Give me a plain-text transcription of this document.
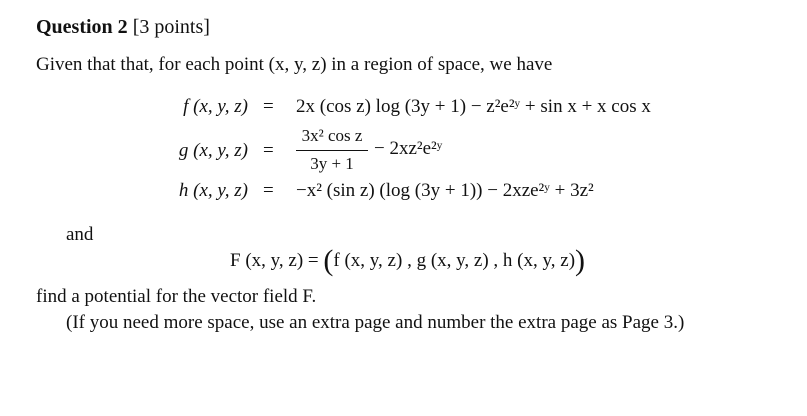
Question 2 [3 points]
Given that that, for each point (x, y, z) in a region of space, we have
f (x, y, z) = 2x (cos z) log (3y + 1) − z²e²ʸ + sin x + x cos x
g (x, y, z) =
3x² cos z
3y + 1
− 2xz²e²ʸ
h (x, y, z) = −x² (sin z) (log (3y + 1)) − 2xze²ʸ + 3z²
and
F (x, y, z) = (f (x, y, z) , g (x, y, z) , h (x, y, z))
find a potential for the vector field F.
(If you need more space, use an extra page and number the extra page as Page 3.)
